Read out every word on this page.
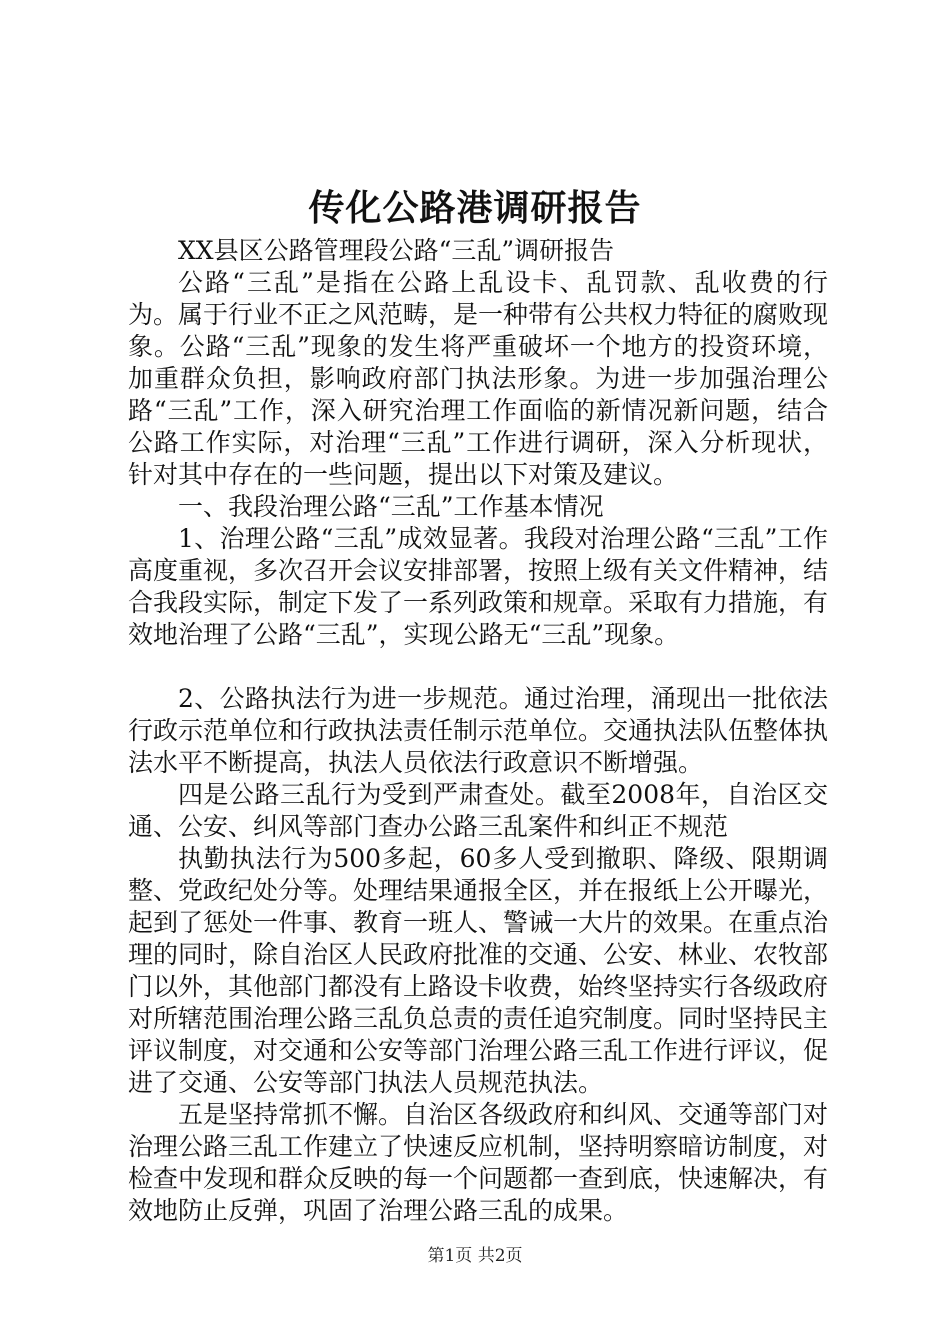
传化公路港调研报告

XX县区公路管理段公路“三乱”调研报告

公路“三乱”是指在公路上乱设卡、乱罚款、乱收费的行为。属于行业不正之风范畴，是一种带有公共权力特征的腐败现象。公路“三乱”现象的发生将严重破坏一个地方的投资环境，加重群众负担，影响政府部门执法形象。为进一步加强治理公路“三乱”工作，深入研究治理工作面临的新情况新问题，结合公路工作实际，对治理“三乱”工作进行调研，深入分析现状，针对其中存在的一些问题，提出以下对策及建议。

一、我段治理公路“三乱”工作基本情况

1、治理公路“三乱”成效显著。我段对治理公路“三乱”工作高度重视，多次召开会议安排部署，按照上级有关文件精神，结合我段实际，制定下发了一系列政策和规章。采取有力措施，有效地治理了公路“三乱”，实现公路无“三乱”现象。

2、公路执法行为进一步规范。通过治理，涌现出一批依法行政示范单位和行政执法责任制示范单位。交通执法队伍整体执法水平不断提高，执法人员依法行政意识不断增强。

四是公路三乱行为受到严肃查处。截至2008年，自治区交通、公安、纠风等部门查办公路三乱案件和纠正不规范

执勤执法行为500多起，60多人受到撤职、降级、限期调整、党政纪处分等。处理结果通报全区，并在报纸上公开曝光，起到了惩处一件事、教育一班人、警诫一大片的效果。在重点治理的同时，除自治区人民政府批准的交通、公安、林业、农牧部门以外，其他部门都没有上路设卡收费，始终坚持实行各级政府对所辖范围治理公路三乱负总责的责任追究制度。同时坚持民主评议制度，对交通和公安等部门治理公路三乱工作进行评议，促进了交通、公安等部门执法人员规范执法。

五是坚持常抓不懈。自治区各级政府和纠风、交通等部门对治理公路三乱工作建立了快速反应机制，坚持明察暗访制度，对检查中发现和群众反映的每一个问题都一查到底，快速解决，有效地防止反弹，巩固了治理公路三乱的成果。

第1页 共2页
